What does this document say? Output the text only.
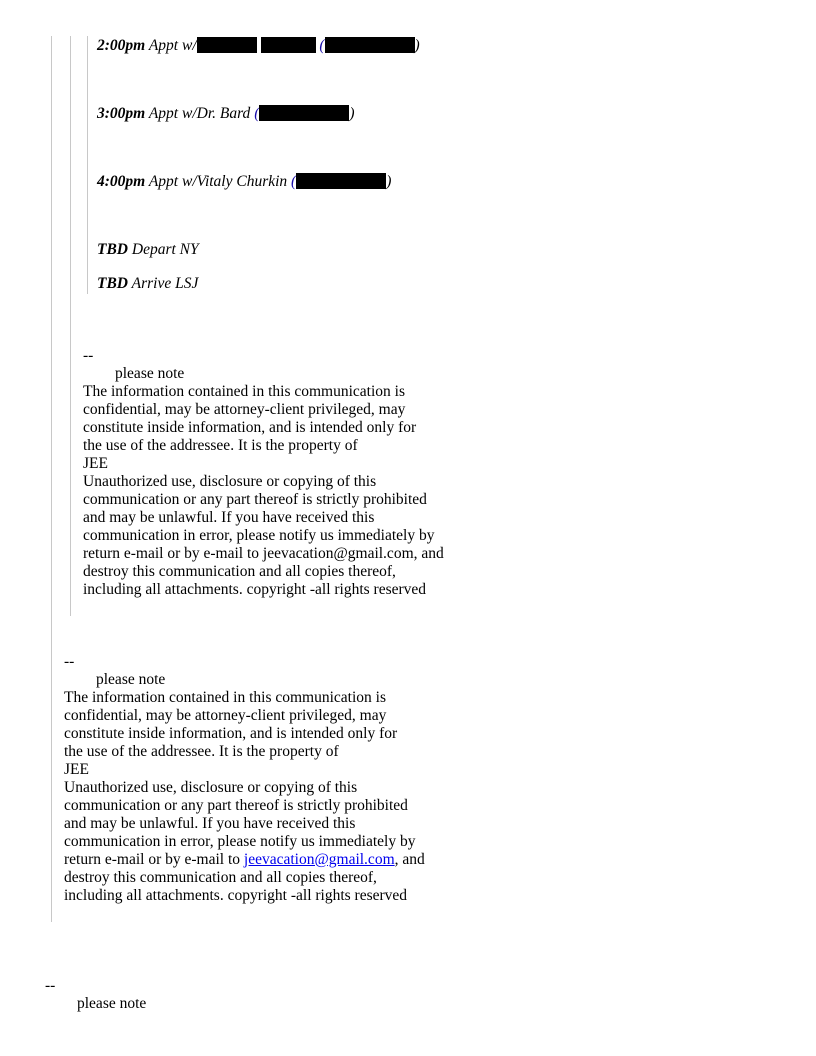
2:00pm Appt w/	(	)
3:00pm Appt w/Dr. Bard (	)
4:00pm Appt w/Vitaly Churkin (	)
TBD Depart NY
TBD Arrive LSJ
--
please note
The information contained in this communication is
confidential, may be attorney-client privileged, may
constitute inside information, and is intended only for
the use of the addressee. It is the property of
JEE
Unauthorized use, disclosure or copying of this
communication or any part thereof is strictly prohibited
and may be unlawful. If you have received this
communication in error, please notify us immediately by
return e-mail or by e-mail to jeevacation@gmail.com, and
destroy this communication and all copies thereof,
including all attachments. copyright -all rights reserved
--
please note
The information contained in this communication is
confidential, may be attorney-client privileged, may
constitute inside information, and is intended only for
the use of the addressee. It is the property of
JEE
Unauthorized use, disclosure or copying of this
communication or any part thereof is strictly prohibited
and may be unlawful. If you have received this
communication in error, please notify us immediately by
return e-mail or by e-mail to jeevacation@gmail.com, and
destroy this communication and all copies thereof,
including all attachments. copyright -all rights reserved
--
please note
